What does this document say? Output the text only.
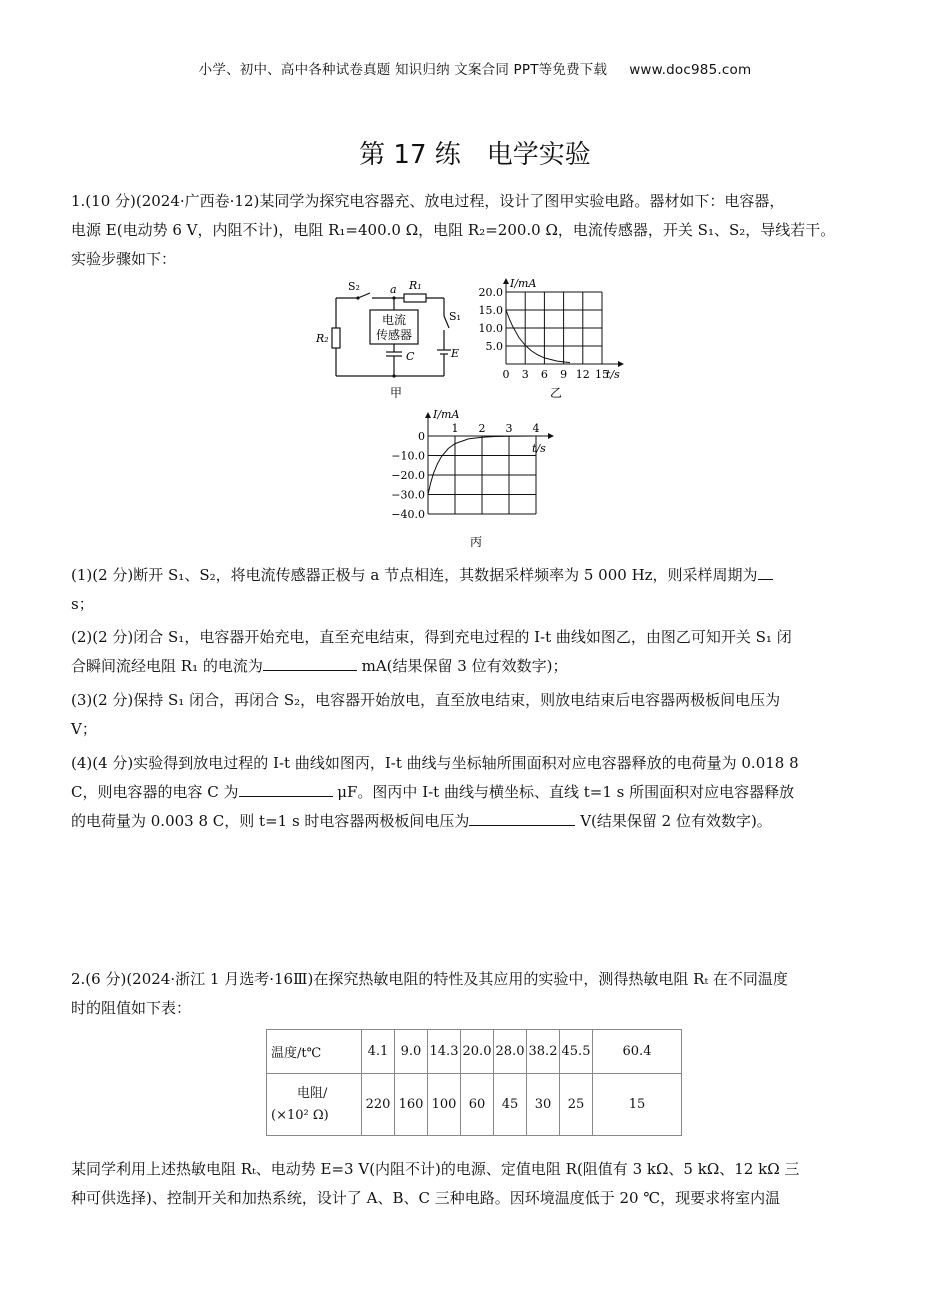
小学、初中、高中各种试卷真题 知识归纳 文案合同 PPT等免费下载 www.doc985.com
第 17 练 电学实验
1.(10 分)(2024·广西卷·12)某同学为探究电容器充、放电过程，设计了图甲实验电路。器材如下：电容器，
电源 E(电动势 6 V，内阻不计)，电阻 R₁=400.0 Ω，电阻 R₂=200.0 Ω，电流传感器，开关 S₁、S₂，导线若干。
实验步骤如下：
S₂	a R₁
S₁
R₂
E
C
电流
传感器
甲
I/mA
t/s
20.0
15.0
10.0
5.0
0 3 6 9 12 15
乙
I/mA
t/s
0
−10.0
−20.0
−30.0
−40.0
1 2 3 4
丙
(1)(2 分)断开 S₁、S₂，将电流传感器正极与 a 节点相连，其数据采样频率为 5 000 Hz，则采样周期为
s；
(2)(2 分)闭合 S₁，电容器开始充电，直至充电结束，得到充电过程的 I-t 曲线如图乙，由图乙可知开关 S₁ 闭
合瞬间流经电阻 R₁ 的电流为	mA(结果保留 3 位有效数字)；
(3)(2 分)保持 S₁ 闭合，再闭合 S₂，电容器开始放电，直至放电结束，则放电结束后电容器两极板间电压为
V；
(4)(4 分)实验得到放电过程的 I-t 曲线如图丙，I-t 曲线与坐标轴所围面积对应电容器释放的电荷量为 0.018 8
C，则电容器的电容 C 为	μF。图丙中 I-t 曲线与横坐标、直线 t=1 s 所围面积对应电容器释放
的电荷量为 0.003 8 C，则 t=1 s 时电容器两极板间电压为	V(结果保留 2 位有效数字)。
2.(6 分)(2024·浙江 1 月选考·16Ⅲ)在探究热敏电阻的特性及其应用的实验中，测得热敏电阻 Rₜ 在不同温度
时的阻值如下表：
温度/t℃	4.1	9.0	14.3	20.0	28.0	38.2	45.5	60.4

电阻/
(×10² Ω)	220	160	100	60	45	30	25	15
某同学利用上述热敏电阻 Rₜ、电动势 E=3 V(内阻不计)的电源、定值电阻 R(阻值有 3 kΩ、5 kΩ、12 kΩ 三
种可供选择)、控制开关和加热系统，设计了 A、B、C 三种电路。因环境温度低于 20 ℃，现要求将室内温
